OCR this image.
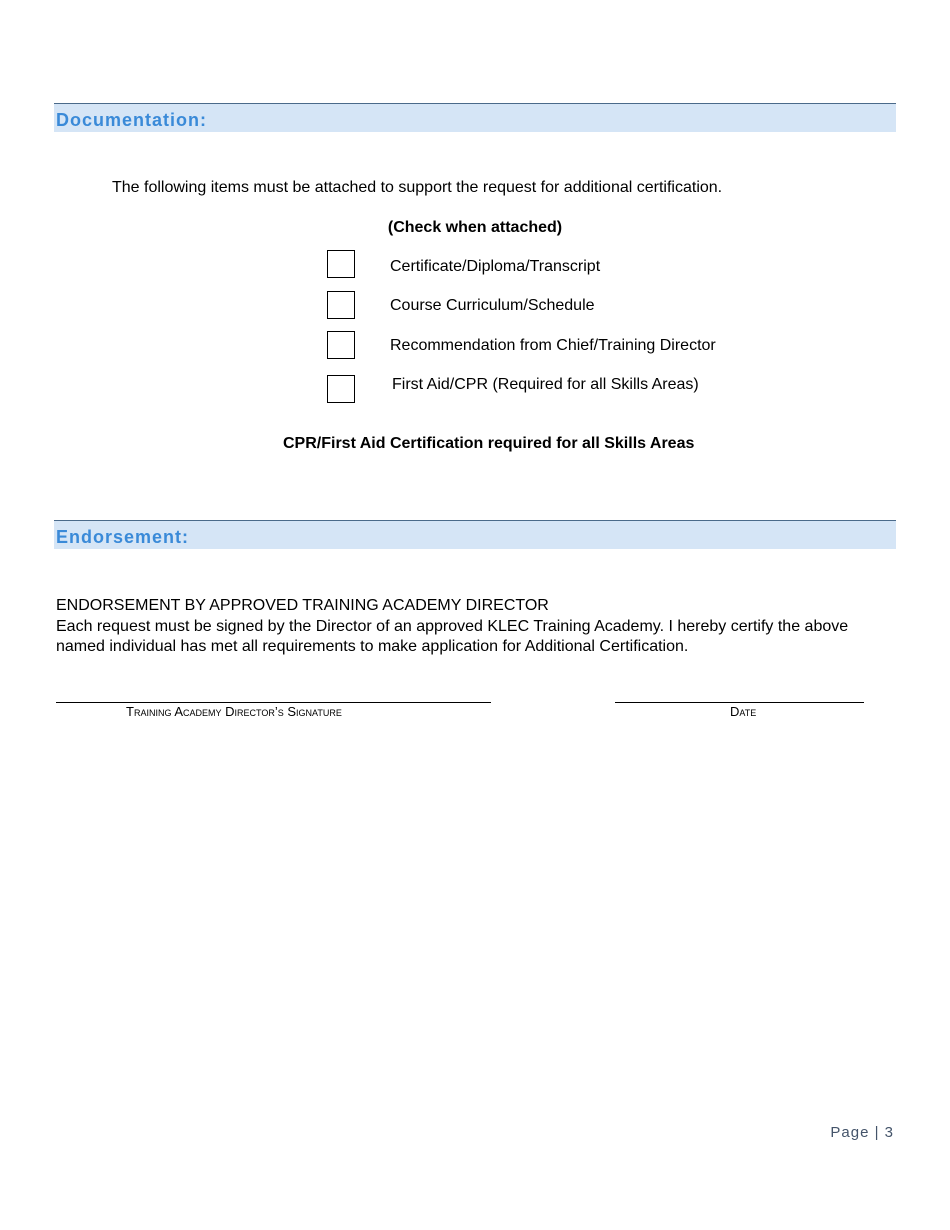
Documentation:
The following items must be attached to support the request for additional certification.
(Check when attached)
Certificate/Diploma/Transcript
Course Curriculum/Schedule
Recommendation from Chief/Training Director
First Aid/CPR (Required for all Skills Areas)
CPR/First Aid Certification required for all Skills Areas
Endorsement:
ENDORSEMENT BY APPROVED TRAINING ACADEMY DIRECTOR
Each request must be signed by the Director of an approved KLEC Training Academy. I hereby certify the above named individual has met all requirements to make application for Additional Certification.
Training Academy Director’s Signature	Date
Page | 3
